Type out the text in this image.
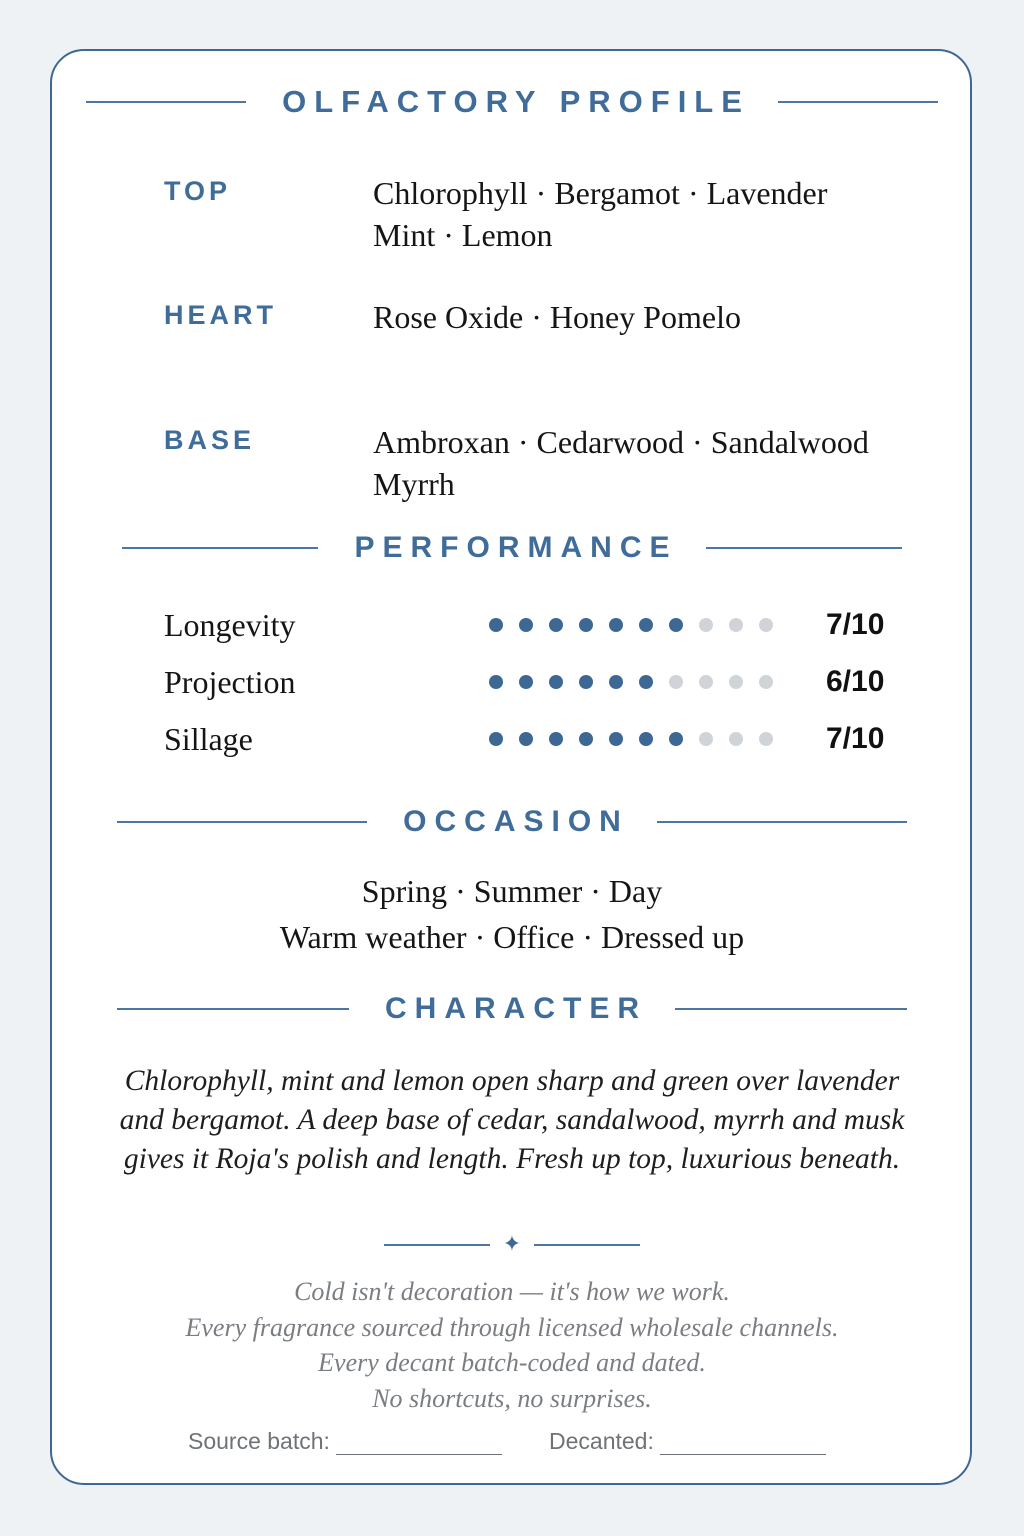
OLFACTORY PROFILE
TOP	Chlorophyll · Bergamot · Lavender
Mint · Lemon
HEART	Rose Oxide · Honey Pomelo
BASE	Ambroxan · Cedarwood · Sandalwood
Myrrh
PERFORMANCE
Longevity	7/10
Projection	6/10
Sillage	7/10
OCCASION
Spring · Summer · Day
Warm weather · Office · Dressed up
CHARACTER
Chlorophyll, mint and lemon open sharp and green over lavender
and bergamot. A deep base of cedar, sandalwood, myrrh and musk
gives it Roja's polish and length. Fresh up top, luxurious beneath.
✦
Cold isn't decoration — it's how we work.
Every fragrance sourced through licensed wholesale channels.
Every decant batch-coded and dated.
No shortcuts, no surprises.
Source batch:	Decanted:
